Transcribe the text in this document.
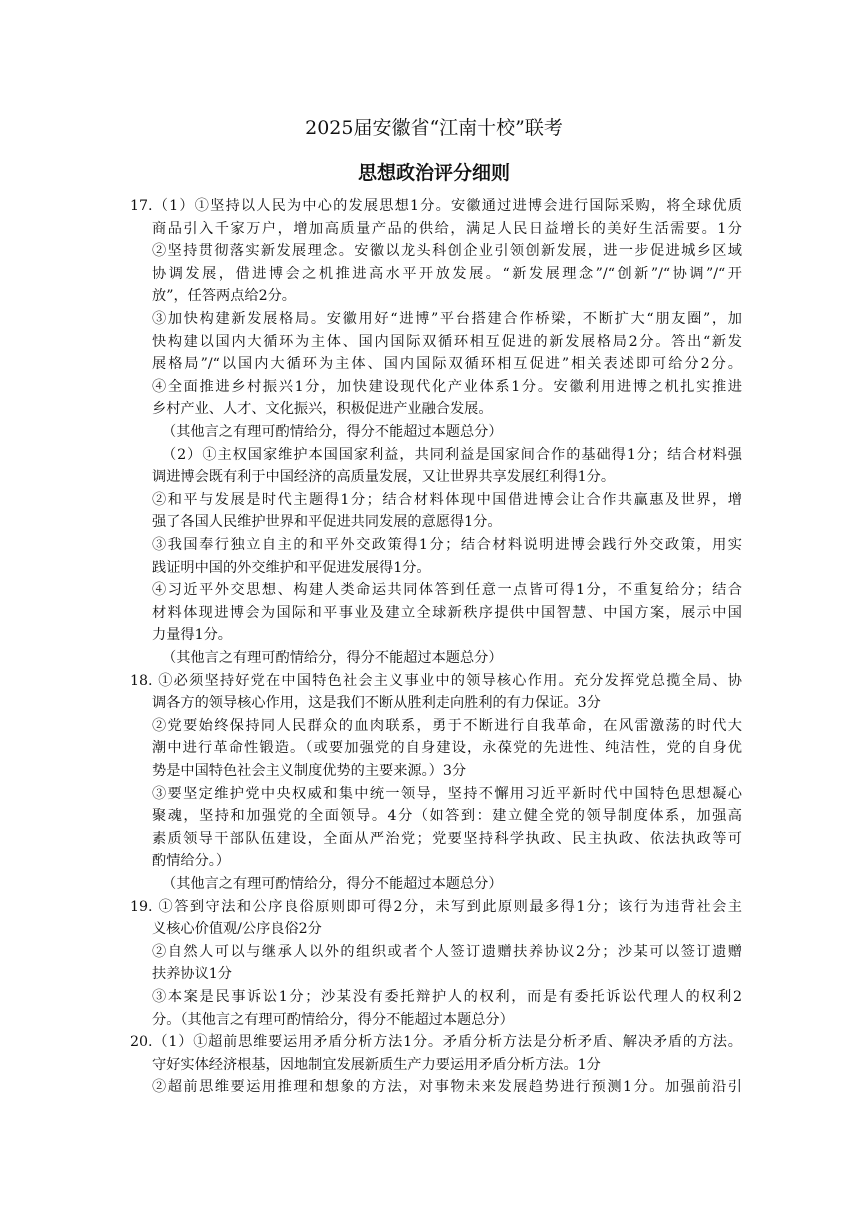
2025届安徽省“江南十校”联考
思想政治评分细则
17.（1）①坚持以人民为中心的发展思想1分。安徽通过进博会进行国际采购，将全球优质
商品引入千家万户，增加高质量产品的供给，满足人民日益增长的美好生活需要。1分
②坚持贯彻落实新发展理念。安徽以龙头科创企业引领创新发展，进一步促进城乡区域
协调发展，借进博会之机推进高水平开放发展。“新发展理念”/“创新”/“协调”/“开
放”，任答两点给2分。
③加快构建新发展格局。安徽用好“进博”平台搭建合作桥梁，不断扩大“朋友圈”，加
快构建以国内大循环为主体、国内国际双循环相互促进的新发展格局2分。答出“新发
展格局”/“以国内大循环为主体、国内国际双循环相互促进”相关表述即可给分2分。
④全面推进乡村振兴1分，加快建设现代化产业体系1分。安徽利用进博之机扎实推进
乡村产业、人才、文化振兴，积极促进产业融合发展。
（其他言之有理可酌情给分，得分不能超过本题总分）
（2）①主权国家维护本国国家利益，共同利益是国家间合作的基础得1分；结合材料强
调进博会既有利于中国经济的高质量发展，又让世界共享发展红利得1分。
②和平与发展是时代主题得1分；结合材料体现中国借进博会让合作共赢惠及世界，增
强了各国人民维护世界和平促进共同发展的意愿得1分。
③我国奉行独立自主的和平外交政策得1分；结合材料说明进博会践行外交政策，用实
践证明中国的外交维护和平促进发展得1分。
④习近平外交思想、构建人类命运共同体答到任意一点皆可得1分，不重复给分；结合
材料体现进博会为国际和平事业及建立全球新秩序提供中国智慧、中国方案，展示中国
力量得1分。
（其他言之有理可酌情给分，得分不能超过本题总分）
18. ①必须坚持好党在中国特色社会主义事业中的领导核心作用。充分发挥党总揽全局、协
调各方的领导核心作用，这是我们不断从胜利走向胜利的有力保证。3分
②党要始终保持同人民群众的血肉联系，勇于不断进行自我革命，在风雷激荡的时代大
潮中进行革命性锻造。（或要加强党的自身建设，永葆党的先进性、纯洁性，党的自身优
势是中国特色社会主义制度优势的主要来源。）3分
③要坚定维护党中央权威和集中统一领导，坚持不懈用习近平新时代中国特色思想凝心
聚魂，坚持和加强党的全面领导。4分（如答到：建立健全党的领导制度体系，加强高
素质领导干部队伍建设，全面从严治党；党要坚持科学执政、民主执政、依法执政等可
酌情给分。）
（其他言之有理可酌情给分，得分不能超过本题总分）
19. ①答到守法和公序良俗原则即可得2分，未写到此原则最多得1分；该行为违背社会主
义核心价值观/公序良俗2分
②自然人可以与继承人以外的组织或者个人签订遗赠扶养协议2分；沙某可以签订遗赠
扶养协议1分
③本案是民事诉讼1分；沙某没有委托辩护人的权利，而是有委托诉讼代理人的权利2
分。（其他言之有理可酌情给分，得分不能超过本题总分）
20.（1）①超前思维要运用矛盾分析方法1分。矛盾分析方法是分析矛盾、解决矛盾的方法。
守好实体经济根基，因地制宜发展新质生产力要运用矛盾分析方法。1分
②超前思维要运用推理和想象的方法，对事物未来发展趋势进行预测1分。加强前沿引
